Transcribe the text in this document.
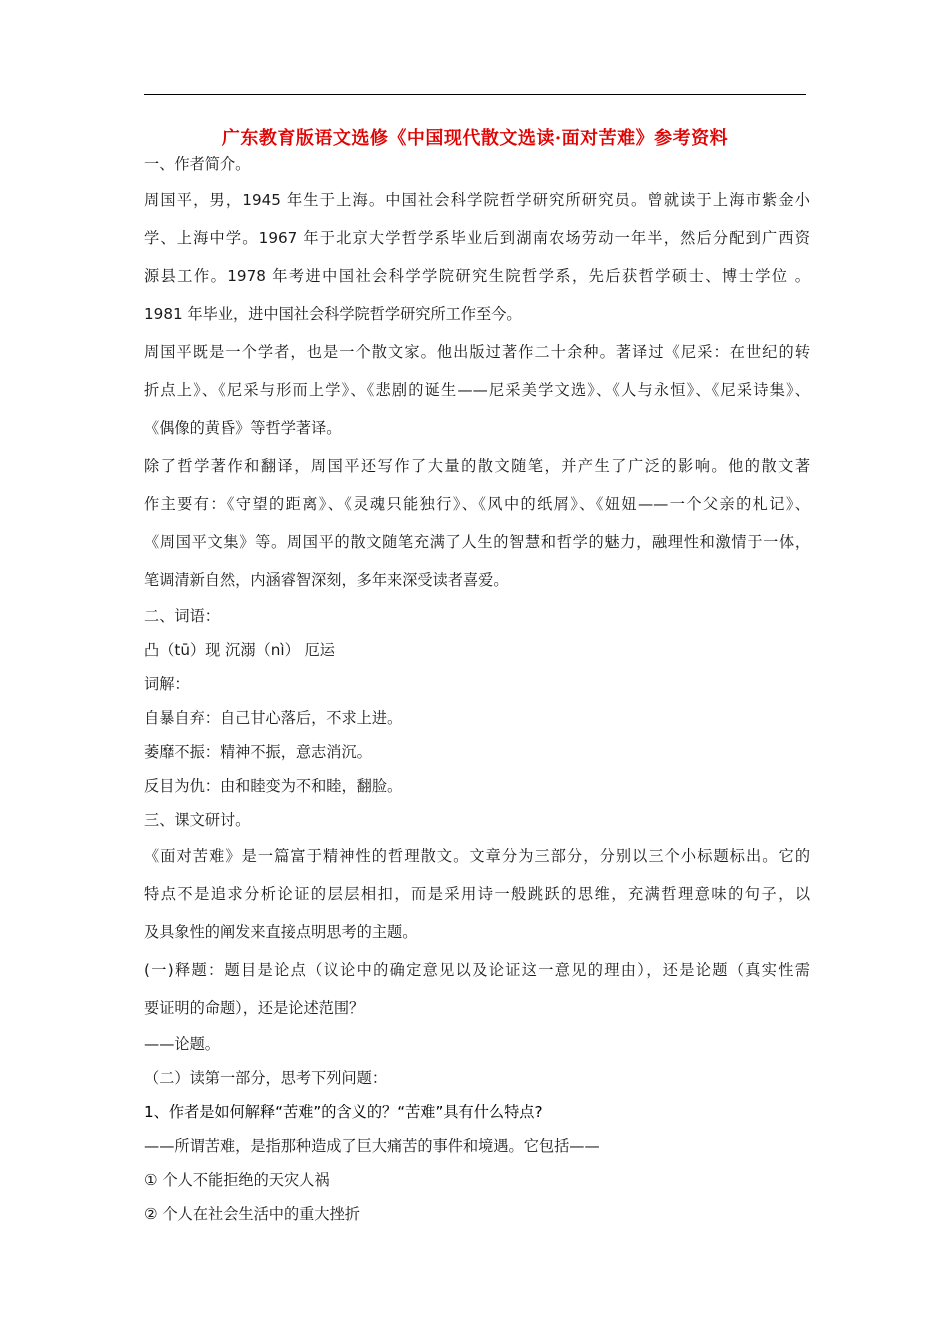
广东教育版语文选修《中国现代散文选读·面对苦难》参考资料
一、作者简介。
周国平，男，1945 年生于上海。中国社会科学院哲学研究所研究员。曾就读于上海市紫金小
学、上海中学。1967 年于北京大学哲学系毕业后到湖南农场劳动一年半，然后分配到广西资
源县工作。1978 年考进中国社会科学学院研究生院哲学系，先后获哲学硕士、博士学位 。
1981 年毕业，进中国社会科学院哲学研究所工作至今。
周国平既是一个学者，也是一个散文家。他出版过著作二十余种。著译过《尼采：在世纪的转
折点上》、《尼采与形而上学》、《悲剧的诞生——尼采美学文选》、《人与永恒》、《尼采诗集》、
《偶像的黄昏》等哲学著译。
除了哲学著作和翻译，周国平还写作了大量的散文随笔，并产生了广泛的影响。他的散文著
作主要有：《守望的距离》、《灵魂只能独行》、《风中的纸屑》、《妞妞——一个父亲的札记》、
《周国平文集》等。周国平的散文随笔充满了人生的智慧和哲学的魅力，融理性和激情于一体，
笔调清新自然，内涵睿智深刻，多年来深受读者喜爱。
二、词语：
凸（tū）现 沉溺（nì） 厄运
词解：
自暴自弃：自己甘心落后，不求上进。
萎靡不振：精神不振，意志消沉。
反目为仇：由和睦变为不和睦，翻脸。
三、课文研讨。
《面对苦难》是一篇富于精神性的哲理散文。文章分为三部分，分别以三个小标题标出。它的
特点不是追求分析论证的层层相扣，而是采用诗一般跳跃的思维，充满哲理意味的句子，以
及具象性的阐发来直接点明思考的主题。
(一)释题：题目是论点（议论中的确定意见以及论证这一意见的理由），还是论题（真实性需
要证明的命题），还是论述范围？
——论题。
（二）读第一部分，思考下列问题：
1、作者是如何解释“苦难”的含义的？“苦难”具有什么特点?
——所谓苦难，是指那种造成了巨大痛苦的事件和境遇。它包括——
① 个人不能拒绝的天灾人祸
② 个人在社会生活中的重大挫折
